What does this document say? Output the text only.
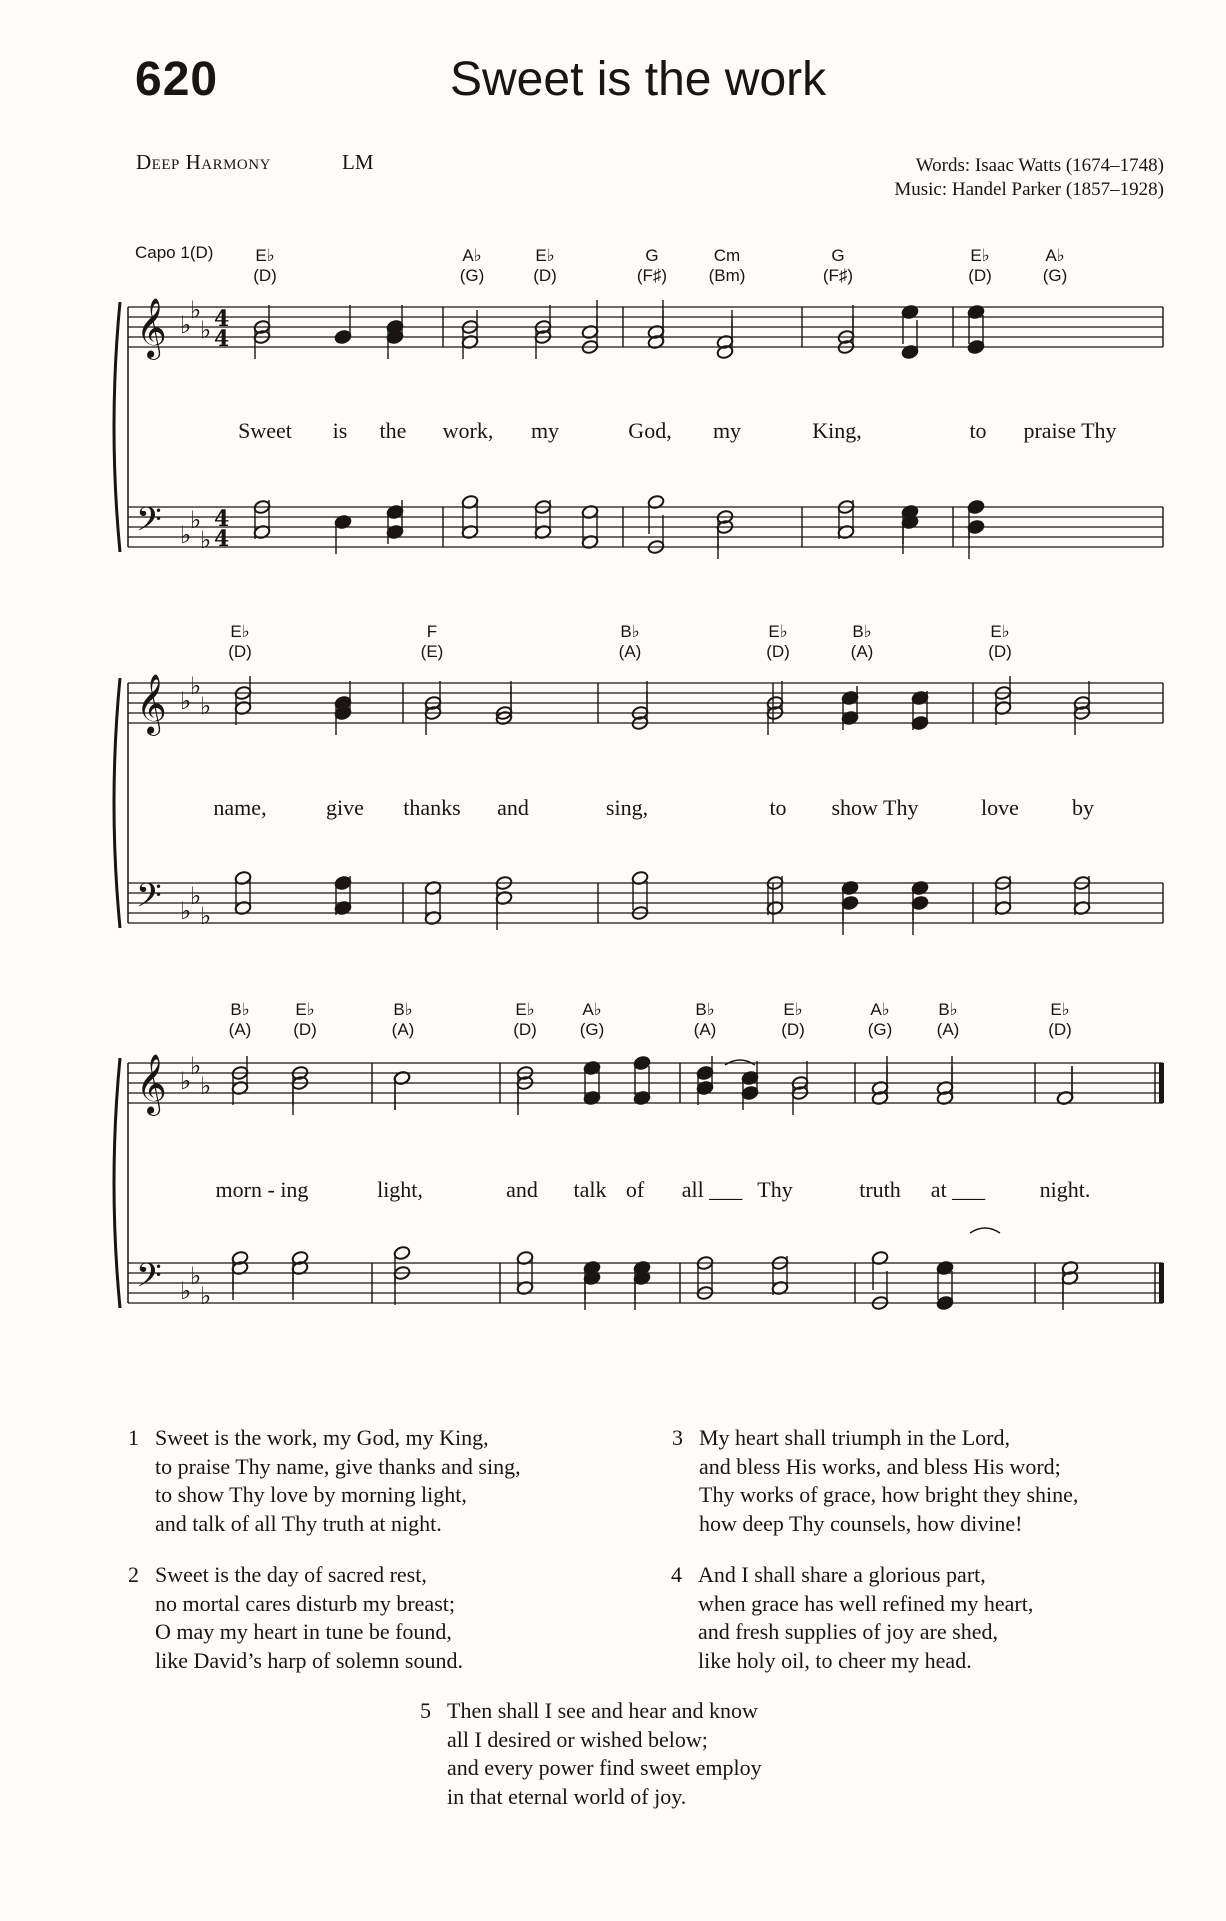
620	Sweet is the work
Deep Harmony	LM	Words: Isaac Watts (1674–1748)
Music: Handel Parker (1857–1928)
Capo 1(D)
𝄞 ♭
♭
♭ 4
4
𝄢 ♭
♭
♭
4
4
𝄞 ♭
♭
♭
𝄢 ♭
♭
♭
𝄞 ♭
♭
♭
𝄢 ♭
♭
♭
E♭
(D)
A♭
(G)
E♭
(D)
G
(F♯)
Cm
(Bm)
G
(F♯)
E♭
(D)
A♭
(G)
E♭
(D)
F
(E)
B♭
(A)
E♭
(D)
B♭
(A)
E♭
(D)
B♭
(A)
E♭
(D)
B♭
(A)
E♭
(D)
A♭
(G)
B♭
(A)
E♭
(D)
A♭
(G)
B♭
(A)
E♭
(D)
Sweet is the work, my	God, my	King,	to praise Thy
name,	give thanks and	sing,	to show Thy	love by
morn - ing	light,	and talk of all ___ Thy	truth at ___ night.
1 Sweet is the work, my God, my King,
to praise Thy name, give thanks and sing,
to show Thy love by morning light,
and talk of all Thy truth at night.
2 Sweet is the day of sacred rest,
no mortal cares disturb my breast;
O may my heart in tune be found,
like David’s harp of solemn sound.
3 My heart shall triumph in the Lord,
and bless His works, and bless His word;
Thy works of grace, how bright they shine,
how deep Thy counsels, how divine!
4 And I shall share a glorious part,
when grace has well refined my heart,
and fresh supplies of joy are shed,
like holy oil, to cheer my head.
5 Then shall I see and hear and know
all I desired or wished below;
and every power find sweet employ
in that eternal world of joy.
